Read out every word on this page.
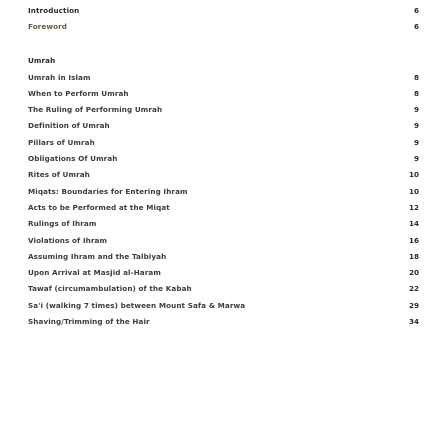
Introduction	6
Foreword	6
Umrah
Umrah in Islam	8
When to Perform Umrah	8
The Ruling of Performing Umrah	9
Definition of Umrah	9
Pillars of Umrah	9
Obligations Of Umrah	9
Rites of Umrah	10
Miqats: Boundaries for Entering Ihram	10
Acts to be Performed at the Miqat	12
Rulings of Ihram	14
Violations of Ihram	16
Assuming Ihram and the Talbiyah	18
Upon Arrival at Masjid al-Haram	20
Tawaf (circumambulation) of the Kabah	22
Sa'i (walking 7 times) between Mount Safa & Marwa	29
Shaving/Trimming of the Hair	34
